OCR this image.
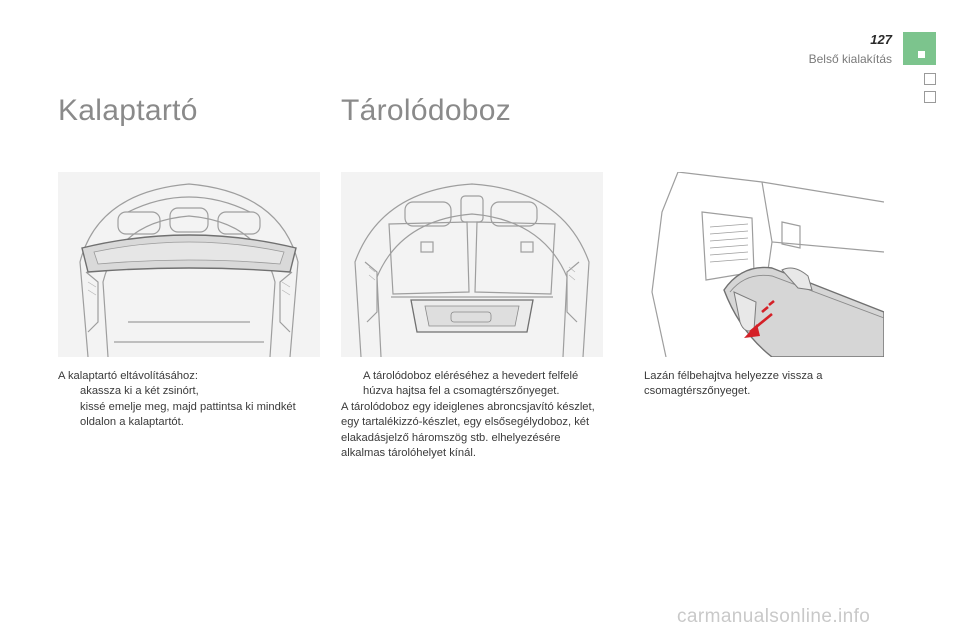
127
Belső kialakítás
Kalaptartó	Tárolódoboz

A kalaptartó eltávolításához:

akassza ki a két zsinórt,

kissé emelje meg, majd pattintsa ki mindkét oldalon a kalaptartót.

A tárolódoboz eléréséhez a hevedert felfelé húzva hajtsa fel a csomagtérszőnyeget.

A tárolódoboz egy ideiglenes abroncsjavító készlet, egy tartalékizzó-készlet, egy elsősegélydoboz, két elakadásjelző háromszög stb. elhelyezésére alkalmas tárolóhelyet kínál.

Lazán félbehajtva helyezze vissza a csomagtérszőnyeget.

carmanualsonline.info
